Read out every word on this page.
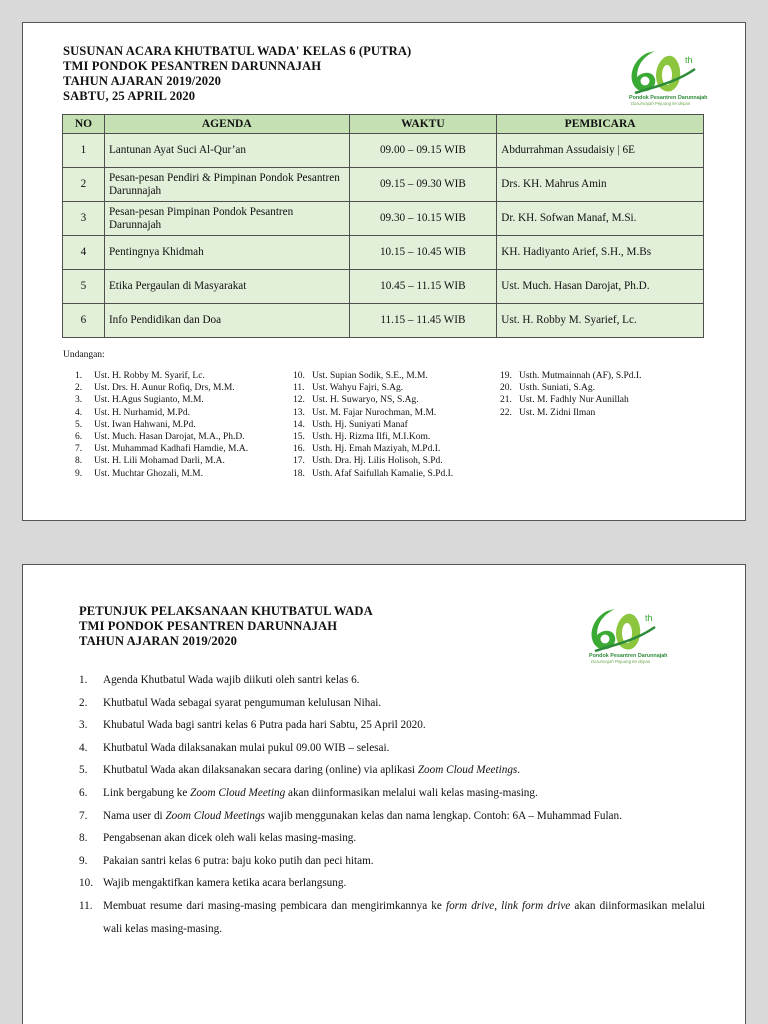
SUSUNAN ACARA KHUTBATUL WADA' KELAS 6 (PUTRA)
TMI PONDOK PESANTREN DARUNNAJAH
TAHUN AJARAN 2019/2020
SABTU, 25 APRIL 2020
th
Pondok Pesantren Darunnajah
Darunnajah Pejuang ke depan
NO	AGENDA	WAKTU	PEMBICARA
1	Lantunan Ayat Suci Al-Qur’an	09.00 – 09.15 WIB	Abdurrahman Assudaisiy | 6E
2	Pesan-pesan Pendiri & Pimpinan Pondok Pesantren Darunnajah	09.15 – 09.30 WIB	Drs. KH. Mahrus Amin
3	Pesan-pesan Pimpinan Pondok Pesantren Darunnajah	09.30 – 10.15 WIB	Dr. KH. Sofwan Manaf, M.Si.
4	Pentingnya Khidmah	10.15 – 10.45 WIB	KH. Hadiyanto Arief, S.H., M.Bs
5	Etika Pergaulan di Masyarakat	10.45 – 11.15 WIB	Ust. Much. Hasan Darojat, Ph.D.
6	Info Pendidikan dan Doa	11.15 – 11.45 WIB	Ust. H. Robby M. Syarief, Lc.
Undangan:
1. Ust. H. Robby M. Syarif, Lc.
2. Ust. Drs. H. Aunur Rofiq, Drs, M.M.
3. Ust. H.Agus Sugianto, M.M.
4. Ust. H. Nurhamid, M.Pd.
5. Ust. Iwan Hahwani, M.Pd.
6. Ust. Much. Hasan Darojat, M.A., Ph.D.
7. Ust. Muhammad Kadhafi Hamdie, M.A.
8. Ust. H. Lili Mohamad Darli, M.A.
9. Ust. Muchtar Ghozali, M.M.
10. Ust. Supian Sodik, S.E., M.M.
11. Ust. Wahyu Fajri, S.Ag.
12. Ust. H. Suwaryo, NS, S.Ag.
13. Ust. M. Fajar Nurochman, M.M.
14. Usth. Hj. Suniyati Manaf
15. Usth. Hj. Rizma Ilfi, M.I.Kom.
16. Usth. Hj. Emah Maziyah, M.Pd.I.
17. Usth. Dra. Hj. Lilis Holisoh, S.Pd.
18. Usth. Afaf Saifullah Kamalie, S.Pd.I.
19. Usth. Mutmainnah (AF), S.Pd.I.
20. Usth. Suniati, S.Ag.
21. Ust. M. Fadhly Nur Aunillah
22. Ust. M. Zidni Ilman
PETUNJUK PELAKSANAAN KHUTBATUL WADA
TMI PONDOK PESANTREN DARUNNAJAH
TAHUN AJARAN 2019/2020
th
Pondok Pesantren Darunnajah
Darunnajah Pejuang ke depan
1.	Agenda Khutbatul Wada wajib diikuti oleh santri kelas 6.
2.	Khutbatul Wada sebagai syarat pengumuman kelulusan Nihai.
3.	Khubatul Wada bagi santri kelas 6 Putra pada hari Sabtu, 25 April 2020.
4.	Khutbatul Wada dilaksanakan mulai pukul 09.00 WIB – selesai.
5.	Khutbatul Wada akan dilaksanakan secara daring (online) via aplikasi Zoom Cloud Meetings.
6.	Link bergabung ke Zoom Cloud Meeting akan diinformasikan melalui wali kelas masing-masing.
7.	Nama user di Zoom Cloud Meetings wajib menggunakan kelas dan nama lengkap. Contoh: 6A – Muhammad Fulan.
8.	Pengabsenan akan dicek oleh wali kelas masing-masing.
9.	Pakaian santri kelas 6 putra: baju koko putih dan peci hitam.
10. Wajib mengaktifkan kamera ketika acara berlangsung.
11. Membuat resume dari masing-masing pembicara dan mengirimkannya ke form drive, link form drive akan diinformasikan melalui wali kelas masing-masing.
